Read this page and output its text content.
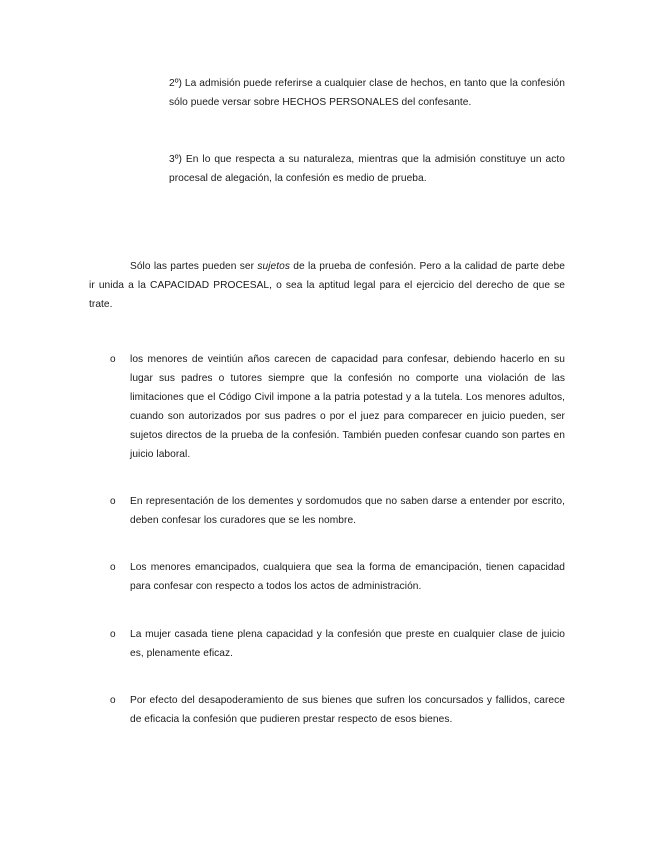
2º) La admisión puede referirse a cualquier clase de hechos, en tanto que la confesión sólo puede versar sobre HECHOS PERSONALES del confesante.

3º) En lo que respecta a su naturaleza, mientras que la admisión constituye un acto procesal de alegación, la confesión es medio de prueba.

Sólo las partes pueden ser sujetos de la prueba de confesión. Pero a la calidad de parte debe ir unida a la CAPACIDAD PROCESAL, o sea la aptitud legal para el ejercicio del derecho de que se trate.

o los menores de veintiún años carecen de capacidad para confesar, debiendo hacerlo en su lugar sus padres o tutores siempre que la confesión no comporte una violación de las limitaciones que el Código Civil impone a la patria potestad y a la tutela. Los menores adultos, cuando son autorizados por sus padres o por el juez para comparecer en juicio pueden, ser sujetos directos de la prueba de la confesión. También pueden confesar cuando son partes en juicio laboral.

o En representación de los dementes y sordomudos que no saben darse a entender por escrito, deben confesar los curadores que se les nombre.

o Los menores emancipados, cualquiera que sea la forma de emancipación, tienen capacidad para confesar con respecto a todos los actos de administración.

o La mujer casada tiene plena capacidad y la confesión que preste en cualquier clase de juicio es, plenamente eficaz.

o Por efecto del desapoderamiento de sus bienes que sufren los concursados y fallidos, carece de eficacia la confesión que pudieren prestar respecto de esos bienes.
